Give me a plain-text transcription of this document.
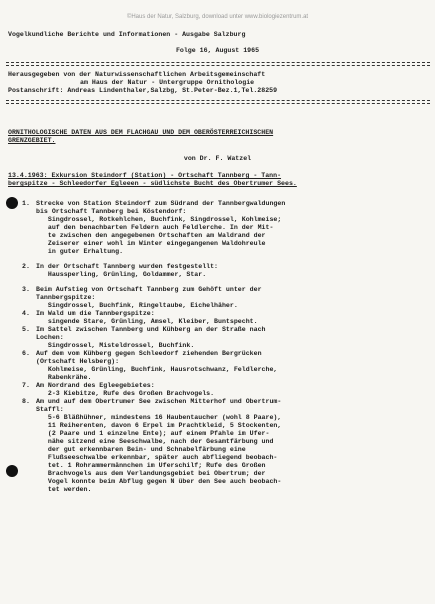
©Haus der Natur, Salzburg, download unter www.biologiezentrum.at
Vogelkundliche Berichte und Informationen - Ausgabe Salzburg
Folge 16, August 1965
Herausgegeben von der Naturwissenschaftlichen Arbeitsgemeinschaft
am Haus der Natur - Untergruppe Ornithologie
Postanschrift: Andreas Lindenthaler,Salzbg, St.Peter-Bez.1,Tel.28259
ORNITHOLOGISCHE DATEN AUS DEM FLACHGAU UND DEM OBERÖSTERREICHISCHEN
GRENZGEBIET.
von Dr. F. Watzel
13.4.1963: Exkursion Steindorf (Station) - Ortschaft Tannberg - Tann-
bergspitze - Schleedorfer Egleeen - südlichste Bucht des Obertrumer Sees.
1. Strecke von Station Steindorf zum Südrand der Tannbergwaldungen
bis Ortschaft Tannberg bei Köstendorf:
Singdrossel, Rotkehlchen, Buchfink, Singdrossel, Kohlmeise;
auf den benachbarten Feldern auch Feldlerche. In der Mit-
te zwischen den angegebenen Ortschaften am Waldrand der
Zeiserer einer wohl im Winter eingegangenen Waldohreule
in guter Erhaltung.
2. In der Ortschaft Tannberg wurden festgestellt:
Haussperling, Grünling, Goldammer, Star.
3. Beim Aufstieg von Ortschaft Tannberg zum Gehöft unter der
Tannbergspitze:
Singdrossel, Buchfink, Ringeltaube, Eichelhäher.
4. Im Wald um die Tannbergspitze:
singende Stare, Grünling, Amsel, Kleiber, Buntspecht.
5. Im Sattel zwischen Tannberg und Kühberg an der Straße nach
Lochen:
Singdrossel, Misteldrossel, Buchfink.
6. Auf dem vom Kühberg gegen Schleedorf ziehenden Bergrücken
(Ortschaft Helsberg):
Kohlmeise, Grünling, Buchfink, Hausrotschwanz, Feldlerche,
Rabenkrähe.
7. Am Nordrand des Egleegebietes:
2-3 Kiebitze, Rufe des Großen Brachvogels.
8. Am und auf dem Obertrumer See zwischen Mitterhof und Obertrum-
Staffl:
5-6 Bläßhühner, mindestens 16 Haubentaucher (wohl 8 Paare),
11 Reiherenten, davon 6 Erpel im Prachtkleid, 5 Stockenten,
(2 Paare und 1 einzelne Ente); auf einem Pfahle im Ufer-
nähe sitzend eine Seeschwalbe, nach der Gesamtfärbung und
der gut erkennbaren Bein- und Schnabelfärbung eine
Flußseeschwalbe erkennbar, später auch abfliegend beobach-
tet. 1 Rohrammermännchen im Uferschilf; Rufe des Großen
Brachvogels aus dem Verlandungsgebiet bei Obertrum; der
Vogel konnte beim Abflug gegen N über den See auch beobach-
tet werden.
